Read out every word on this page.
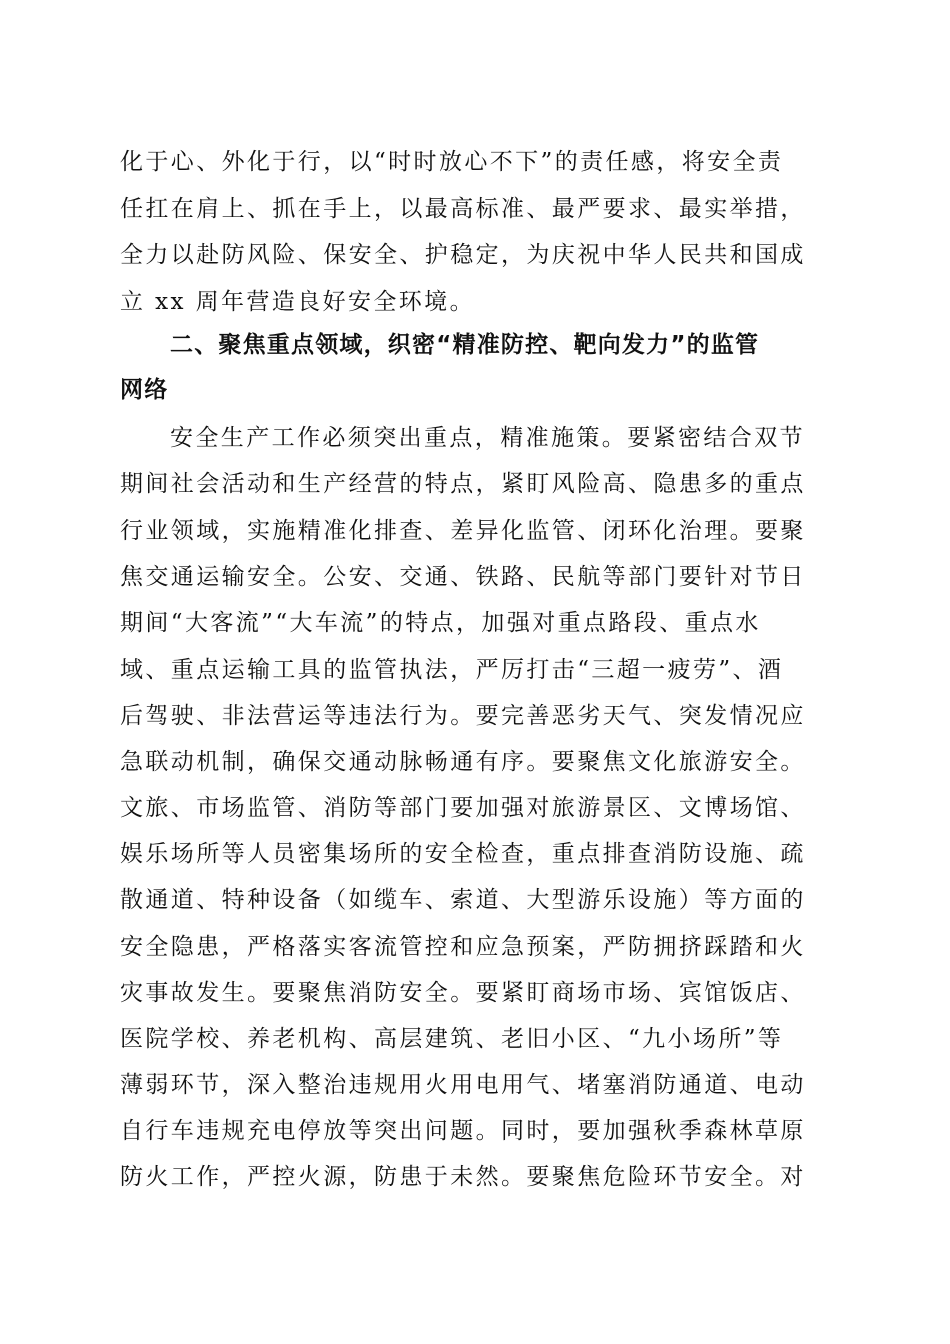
化于心、外化于行，以“时时放心不下”的责任感，将安全责
任扛在肩上、抓在手上，以最高标准、最严要求、最实举措，
全力以赴防风险、保安全、护稳定，为庆祝中华人民共和国成
立 xx 周年营造良好安全环境。
二、聚焦重点领域，织密“精准防控、靶向发力”的监管
网络
安全生产工作必须突出重点，精准施策。要紧密结合双节
期间社会活动和生产经营的特点，紧盯风险高、隐患多的重点
行业领域，实施精准化排查、差异化监管、闭环化治理。要聚
焦交通运输安全。公安、交通、铁路、民航等部门要针对节日
期间“大客流”“大车流”的特点，加强对重点路段、重点水
域、重点运输工具的监管执法，严厉打击“三超一疲劳”、酒
后驾驶、非法营运等违法行为。要完善恶劣天气、突发情况应
急联动机制，确保交通动脉畅通有序。要聚焦文化旅游安全。
文旅、市场监管、消防等部门要加强对旅游景区、文博场馆、
娱乐场所等人员密集场所的安全检查，重点排查消防设施、疏
散通道、特种设备（如缆车、索道、大型游乐设施）等方面的
安全隐患，严格落实客流管控和应急预案，严防拥挤踩踏和火
灾事故发生。要聚焦消防安全。要紧盯商场市场、宾馆饭店、
医院学校、养老机构、高层建筑、老旧小区、“九小场所”等
薄弱环节，深入整治违规用火用电用气、堵塞消防通道、电动
自行车违规充电停放等突出问题。同时，要加强秋季森林草原
防火工作，严控火源，防患于未然。要聚焦危险环节安全。对
